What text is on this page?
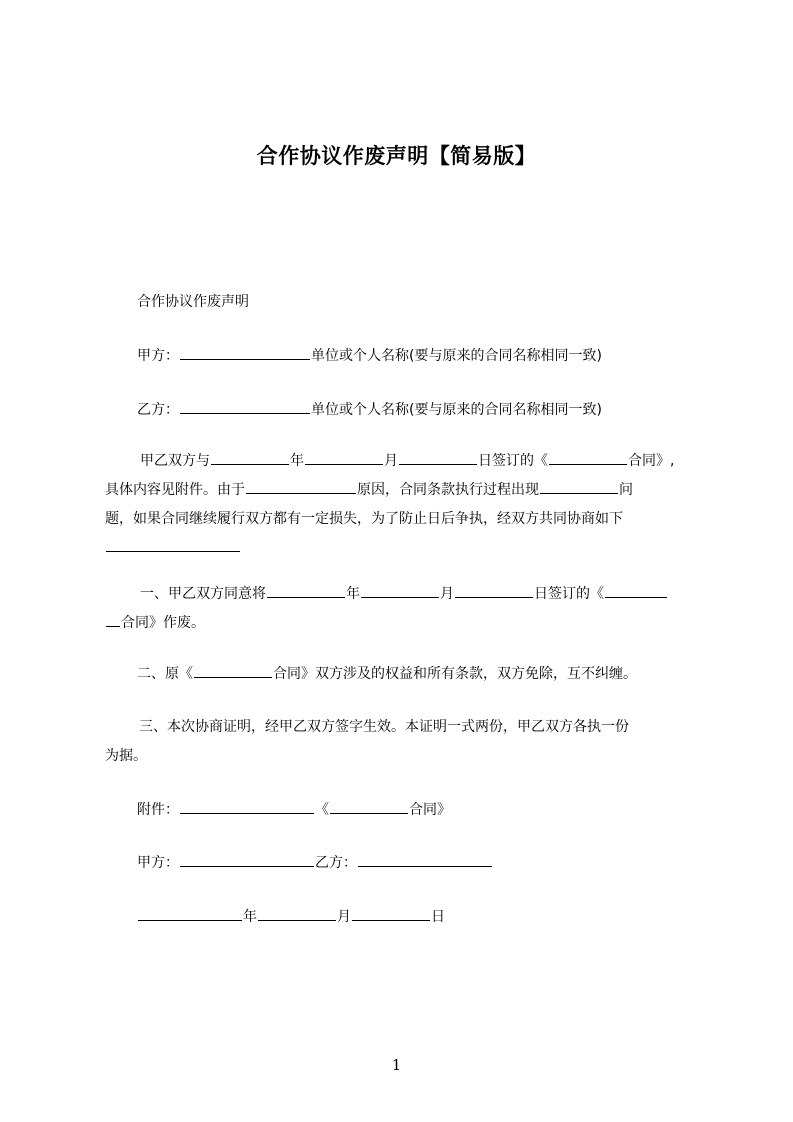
合作协议作废声明【简易版】
合作协议作废声明
甲方：	单位或个人名称(要与原来的合同名称相同一致)
乙方：	单位或个人名称(要与原来的合同名称相同一致)
甲乙双方与	年	月	日签订的《	合同》,
具体内容见附件。由于	原因，合同条款执行过程出现	问
题，如果合同继续履行双方都有一定损失，为了防止日后争执，经双方共同协商如下
一、甲乙双方同意将	年	月	日签订的《
合同》作废。
二、原《	合同》双方涉及的权益和所有条款，双方免除，互不纠缠。
三、本次协商证明，经甲乙双方签字生效。本证明一式两份，甲乙双方各执一份
为据。
附件：	《	合同》
甲方：	乙方：
年	月	日
1
